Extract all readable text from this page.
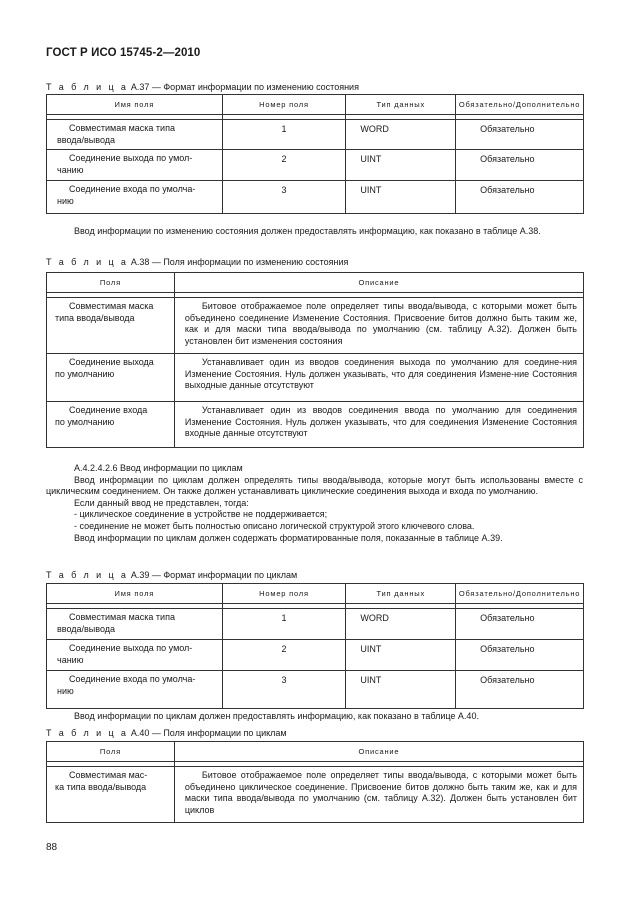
ГОСТ Р ИСО 15745-2—2010
Т а б л и ц а А.37 — Формат информации по изменению состояния
Имя поля	Номер поля	Тип данных	Обязательно/Дополнительно

Совместимая маска типа
ввода/вывода	1	WORD	Обязательно

Соединение выхода по умол-
чанию	2	UINT	Обязательно

Соединение входа по умолча-
нию	3	UINT	Обязательно

Ввод информации по изменению состояния должен предоставлять информацию, как показано в таблице А.38.

Т а б л и ц а А.38 — Поля информации по изменению состояния
Поля	Описание

Совместимая маска
типа ввода/вывода	Битовое отображаемое поле определяет типы ввода/вывода, с которыми может быть объединено соединение Изменение Состояния. Присвоение битов должно быть таким же, как и для маски типа ввода/вывода по умолчанию (см. таблицу А.32). Должен быть установлен бит изменения состояния

Соединение выхода
по умолчанию	Устанавливает один из вводов соединения выхода по умолчанию для соедине-ния Изменение Состояния. Нуль должен указывать, что для соединения Измене-ние Состояния выходные данные отсутствуют

Соединение входа
по умолчанию	Устанавливает один из вводов соединения ввода по умолчанию для соединения Изменение Состояния. Нуль должен указывать, что для соединения Изменение Состояния входные данные отсутствуют

А.4.2.4.2.6 Ввод информации по циклам

Ввод информации по циклам должен определять типы ввода/вывода, которые могут быть использованы вместе с циклическим соединением. Он также должен устанавливать циклические соединения выхода и входа по умолчанию.

Если данный ввод не представлен, тогда:

- циклическое соединение в устройстве не поддерживается;

- соединение не может быть полностью описано логической структурой этого ключевого слова.

Ввод информации по циклам должен содержать форматированные поля, показанные в таблице А.39.

Т а б л и ц а А.39 — Формат информации по циклам
Имя поля	Номер поля	Тип данных	Обязательно/Дополнительно

Совместимая маска типа
ввода/вывода	1	WORD	Обязательно

Соединение выхода по умол-
чанию	2	UINT	Обязательно

Соединение входа по умолча-
нию	3	UINT	Обязательно

Ввод информации по циклам должен предоставлять информацию, как показано в таблице А.40.

Т а б л и ц а А.40 — Поля информации по циклам
Поля	Описание

Совместимая мас-
ка типа ввода/вывода	Битовое отображаемое поле определяет типы ввода/вывода, с которыми может быть объединено циклическое соединение. Присвоение битов должно быть таким же, как и для маски типа ввода/вывода по умолчанию (см. таблицу А.32). Должен быть установлен бит циклов
88
